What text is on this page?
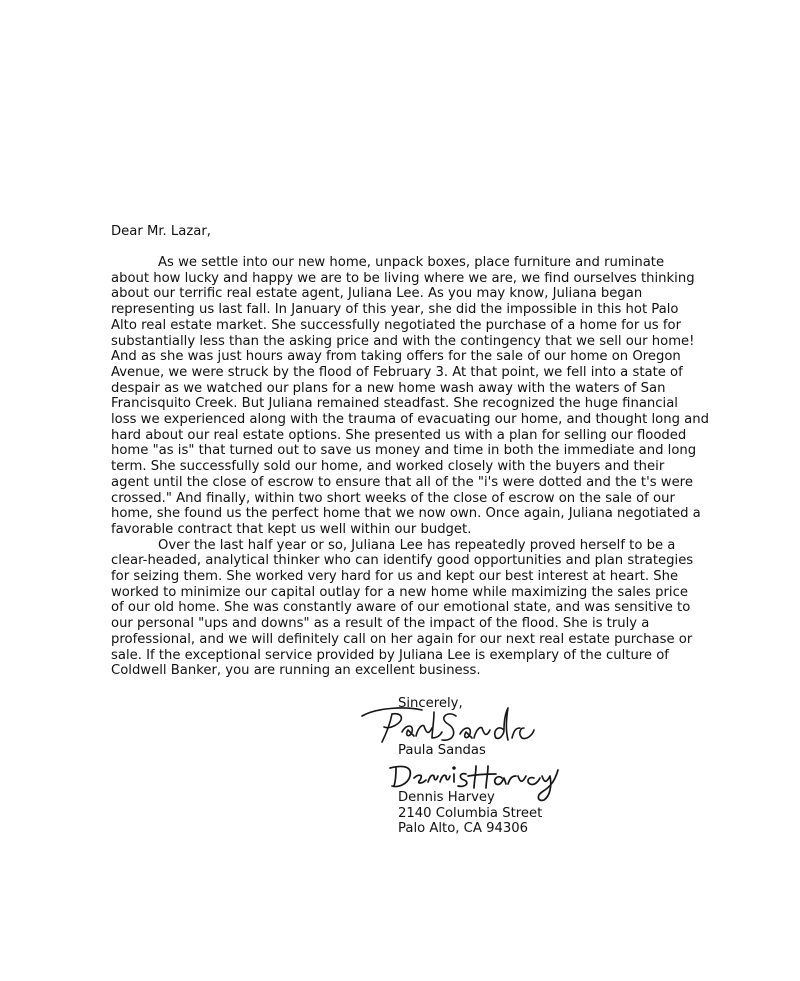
Dear Mr. Lazar,
As we settle into our new home, unpack boxes, place furniture and ruminate
about how lucky and happy we are to be living where we are, we find ourselves thinking
about our terrific real estate agent, Juliana Lee. As you may know, Juliana began
representing us last fall. In January of this year, she did the impossible in this hot Palo
Alto real estate market. She successfully negotiated the purchase of a home for us for
substantially less than the asking price and with the contingency that we sell our home!
And as she was just hours away from taking offers for the sale of our home on Oregon
Avenue, we were struck by the flood of February 3. At that point, we fell into a state of
despair as we watched our plans for a new home wash away with the waters of San
Francisquito Creek. But Juliana remained steadfast. She recognized the huge financial
loss we experienced along with the trauma of evacuating our home, and thought long and
hard about our real estate options. She presented us with a plan for selling our flooded
home "as is" that turned out to save us money and time in both the immediate and long
term. She successfully sold our home, and worked closely with the buyers and their
agent until the close of escrow to ensure that all of the "i's were dotted and the t's were
crossed." And finally, within two short weeks of the close of escrow on the sale of our
home, she found us the perfect home that we now own. Once again, Juliana negotiated a
favorable contract that kept us well within our budget.
Over the last half year or so, Juliana Lee has repeatedly proved herself to be a
clear-headed, analytical thinker who can identify good opportunities and plan strategies
for seizing them. She worked very hard for us and kept our best interest at heart. She
worked to minimize our capital outlay for a new home while maximizing the sales price
of our old home. She was constantly aware of our emotional state, and was sensitive to
our personal "ups and downs" as a result of the impact of the flood. She is truly a
professional, and we will definitely call on her again for our next real estate purchase or
sale. If the exceptional service provided by Juliana Lee is exemplary of the culture of
Coldwell Banker, you are running an excellent business.
Sincerely,
Paula Sandas
Dennis Harvey
2140 Columbia Street
Palo Alto, CA 94306
